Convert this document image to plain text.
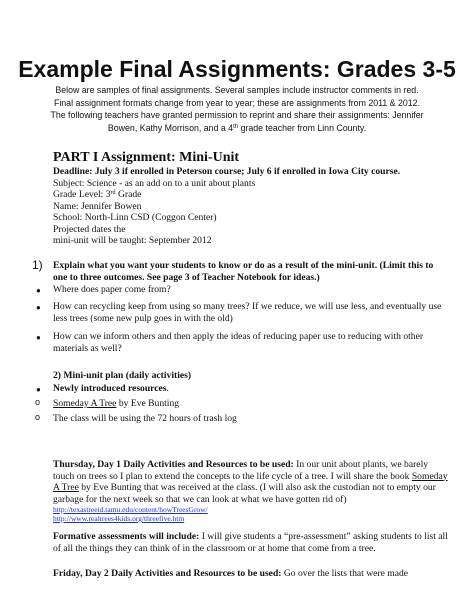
Example Final Assignments: Grades 3-5
Below are samples of final assignments. Several samples include instructor comments in red.
Final assignment formats change from year to year; these are assignments from 2011 & 2012.
The following teachers have granted permission to reprint and share their assignments: Jennifer
Bowen, Kathy Morrison, and a 4th grade teacher from Linn County.
PART I Assignment: Mini-Unit
Deadline: July 3 if enrolled in Peterson course; July 6 if enrolled in Iowa City course.
Subject: Science - as an add on to a unit about plants
Grade Level: 3rd Grade
Name: Jennifer Bowen
School: North-Linn CSD (Coggon Center)
Projected dates the
mini-unit will be taught: September 2012
1) Explain what you want your students to know or do as a result of the mini-unit. (Limit this to
one to three outcomes. See page 3 of Teacher Notebook for ideas.)
● Where does paper come from?
● How can recycling keep from using so many trees? If we reduce, we will use less, and eventually use
less trees (some new pulp goes in with the old)
● How can we inform others and then apply the ideas of reducing paper use to reducing with other
materials as well?
2) Mini-unit plan (daily activities)
● Newly introduced resources.
o Someday A Tree by Eve Bunting
o The class will be using the 72 hours of trash log
Thursday, Day 1 Daily Activities and Resources to be used: In our unit about plants, we barely
touch on trees so I plan to extend the concepts to the life cycle of a tree. I will share the book Someday
A Tree by Eve Bunting that was received at the class. (I will also ask the custodian not to empty our
garbage for the next week so that we can look at what we have gotten rid of)
http://texastreeid.tamu.edu/content/howTreesGrow/
http://www.realtrees4kids.org/threefive.htm
Formative assessments will include: I will give students a “pre-assessment” asking students to list all
of all the things they can think of in the classroom or at home that come from a tree.
Friday, Day 2 Daily Activities and Resources to be used: Go over the lists that were made
